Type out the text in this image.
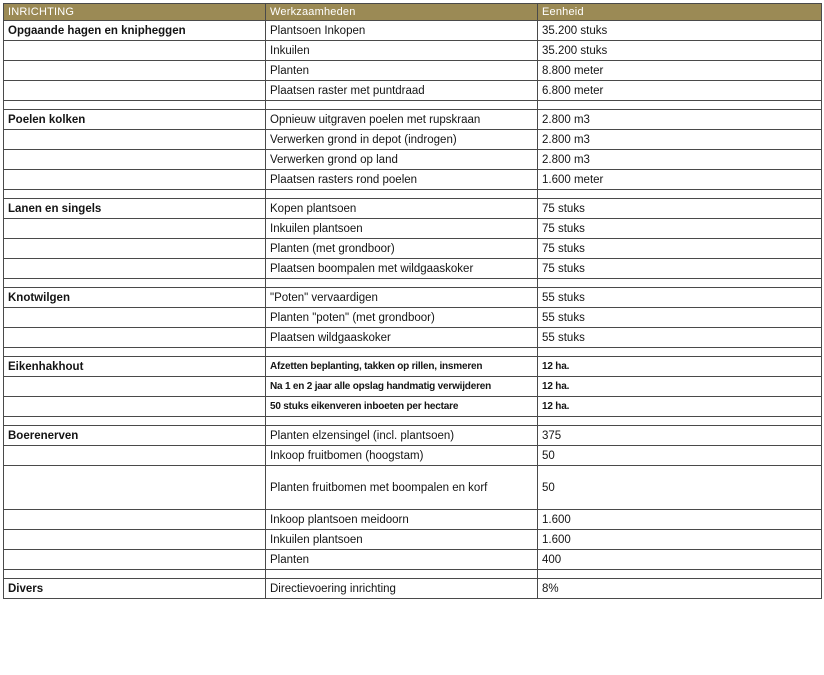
INRICHTING	Werkzaamheden	Eenheid
Opgaande hagen en knipheggen	Plantsoen Inkopen	35.200 stuks
	Inkuilen	35.200 stuks
	Planten	8.800 meter
	Plaatsen raster met puntdraad	6.800 meter

Poelen kolken	Opnieuw uitgraven poelen met rupskraan	2.800 m3
	Verwerken grond in depot (indrogen)	2.800 m3
	Verwerken grond op land	2.800 m3
	Plaatsen rasters rond poelen	1.600 meter

Lanen en singels	Kopen plantsoen	75 stuks
	Inkuilen plantsoen	75 stuks
	Planten (met grondboor)	75 stuks
	Plaatsen boompalen met wildgaaskoker	75 stuks

Knotwilgen	"Poten" vervaardigen	55 stuks
	Planten "poten" (met grondboor)	55 stuks
	Plaatsen wildgaaskoker	55 stuks

Eikenhakhout	Afzetten beplanting, takken op rillen, insmeren	12 ha.
	Na 1 en 2 jaar alle opslag handmatig verwijderen	12 ha.
	50 stuks eikenveren inboeten per hectare	12 ha.

Boerenerven	Planten elzensingel (incl. plantsoen)	375
	Inkoop fruitbomen (hoogstam)	50
	Planten fruitbomen met boompalen en korf	50
	Inkoop plantsoen meidoorn	1.600
	Inkuilen plantsoen	1.600
	Planten	400

Divers	Directievoering inrichting	8%
